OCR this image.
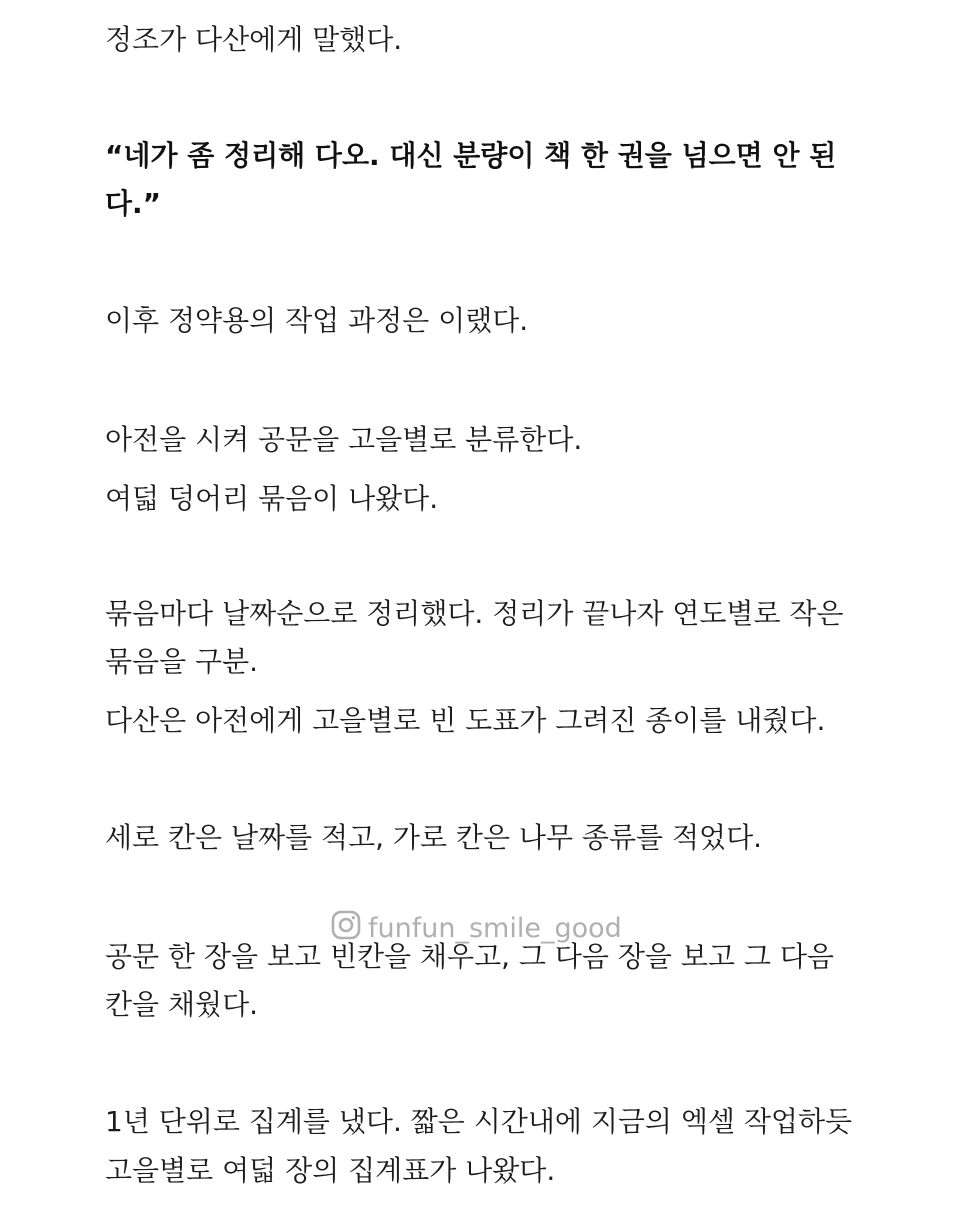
정조가 다산에게 말했다.

“네가 좀 정리해 다오. 대신 분량이 책 한 권을 넘으면 안 된

다.”

이후 정약용의 작업 과정은 이랬다.

아전을 시켜 공문을 고을별로 분류한다.

여덟 덩어리 묶음이 나왔다.

묶음마다 날짜순으로 정리했다. 정리가 끝나자 연도별로 작은

묶음을 구분.

다산은 아전에게 고을별로 빈 도표가 그려진 종이를 내줬다.

세로 칸은 날짜를 적고, 가로 칸은 나무 종류를 적었다.

공문 한 장을 보고 빈칸을 채우고, 그 다음 장을 보고 그 다음

칸을 채웠다.

1년 단위로 집계를 냈다. 짧은 시간내에 지금의 엑셀 작업하듯

고을별로 여덟 장의 집계표가 나왔다.

funfun_smile_good
